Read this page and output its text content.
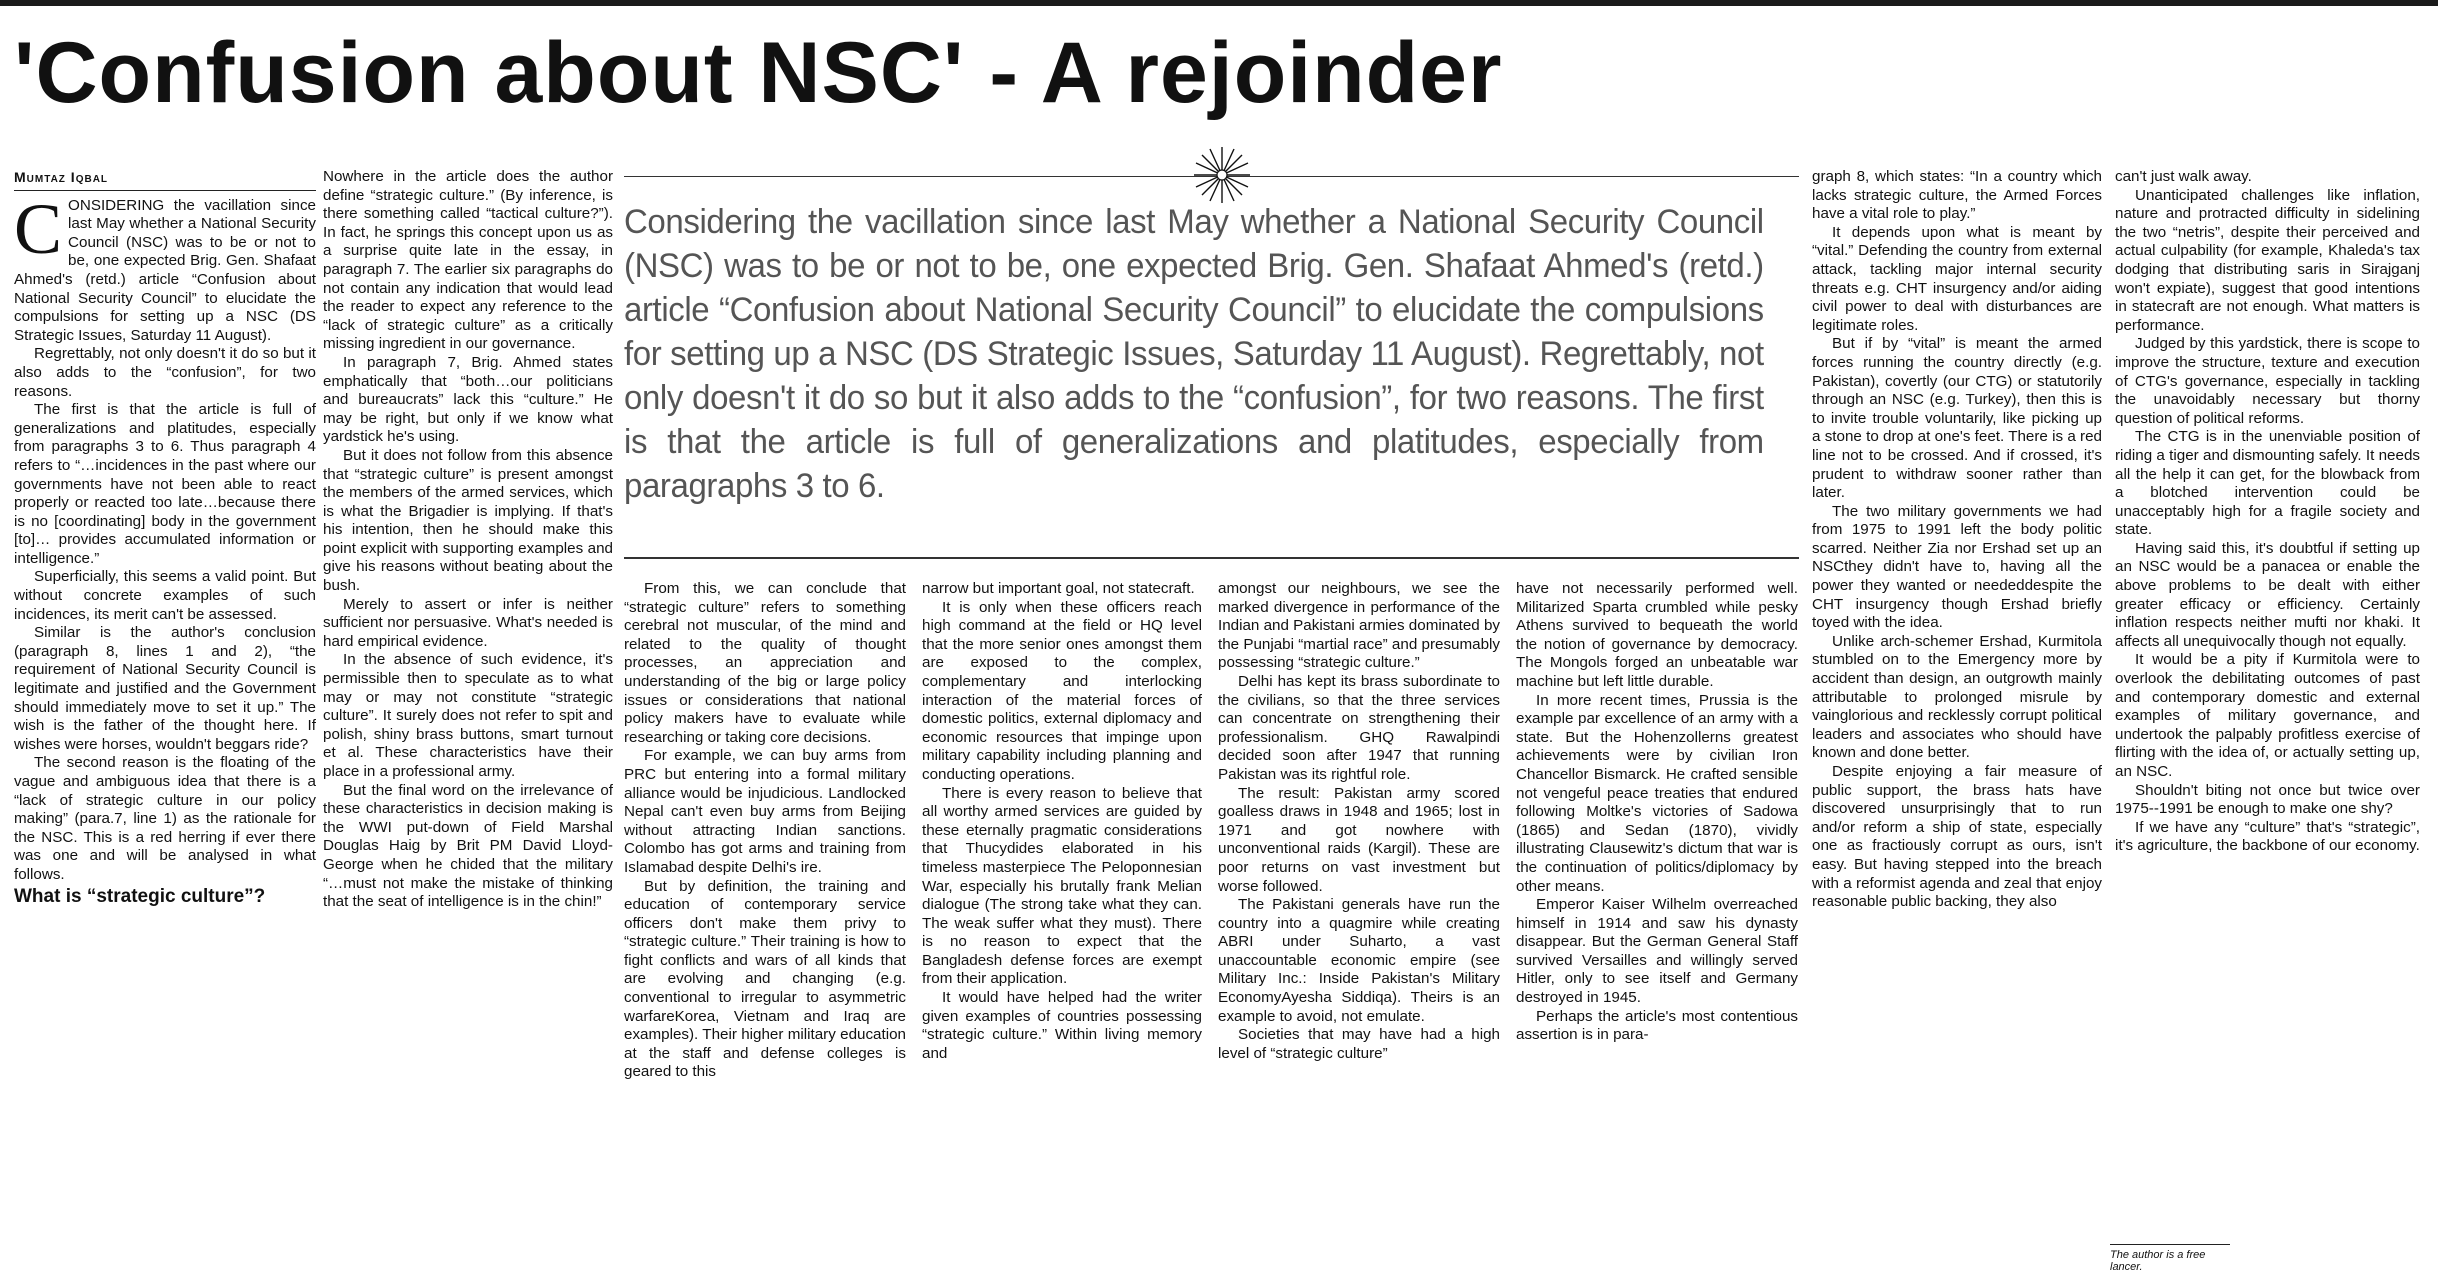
'Confusion about NSC' - A rejoinder
Mumtaz Iqbal

CONSIDERING the vacillation since last May whether a National Security Council (NSC) was to be or not to be, one expected Brig. Gen. Shafaat Ahmed's (retd.) article “Confusion about National Security Council” to elucidate the compulsions for setting up a NSC (DS Strategic Issues, Saturday 11 August).

Regrettably, not only doesn't it do so but it also adds to the “confusion”, for two reasons.

The first is that the article is full of generalizations and platitudes, especially from paragraphs 3 to 6. Thus paragraph 4 refers to “…incidences in the past where our governments have not been able to react properly or reacted too late…because there is no [coordinating] body in the government [to]… provides accumulated information or intelligence.”

Superficially, this seems a valid point. But without concrete examples of such incidences, its merit can't be assessed.

Similar is the author's conclusion (paragraph 8, lines 1 and 2), “the requirement of National Security Council is legitimate and justified and the Government should immediately move to set it up.” The wish is the father of the thought here. If wishes were horses, wouldn't beggars ride?

The second reason is the floating of the vague and ambiguous idea that there is a “lack of strategic culture in our policy making” (para.7, line 1) as the rationale for the NSC. This is a red herring if ever there was one and will be analysed in what follows.

What is “strategic culture”?

Nowhere in the article does the author define “strategic culture.” (By inference, is there something called “tactical culture?”). In fact, he springs this concept upon us as a surprise quite late in the essay, in paragraph 7. The earlier six paragraphs do not contain any indication that would lead the reader to expect any reference to the “lack of strategic culture” as a critically missing ingredient in our governance.

In paragraph 7, Brig. Ahmed states emphatically that “both…our politicians and bureaucrats” lack this “culture.” He may be right, but only if we know what yardstick he's using.

But it does not follow from this absence that “strategic culture” is present amongst the members of the armed services, which is what the Brigadier is implying. If that's his intention, then he should make this point explicit with supporting examples and give his reasons without beating about the bush.

Merely to assert or infer is neither sufficient nor persuasive. What's needed is hard empirical evidence.

In the absence of such evidence, it's permissible then to speculate as to what may or may not constitute “strategic culture”. It surely does not refer to spit and polish, shiny brass buttons, smart turnout et al. These characteristics have their place in a professional army.

But the final word on the irrelevance of these characteristics in decision making is the WWI put-down of Field Marshal Douglas Haig by Brit PM David Lloyd-George when he chided that the military “…must not make the mistake of thinking that the seat of intelligence is in the chin!”

Considering the vacillation since last May whether a National Security Council (NSC) was to be or not to be, one expected Brig. Gen. Shafaat Ahmed's (retd.) article “Confusion about National Security Council” to elucidate the compulsions for setting up a NSC (DS Strategic Issues, Saturday 11 August). Regrettably, not only doesn't it do so but it also adds to the “confusion”, for two reasons. The first is that the article is full of generalizations and platitudes, especially from paragraphs 3 to 6.

From this, we can conclude that “strategic culture” refers to something cerebral not muscular, of the mind and related to the quality of thought processes, an appreciation and understanding of the big or large policy issues or considerations that national policy makers have to evaluate while researching or taking core decisions.

For example, we can buy arms from PRC but entering into a formal military alliance would be injudicious. Landlocked Nepal can't even buy arms from Beijing without attracting Indian sanctions. Colombo has got arms and training from Islamabad despite Delhi's ire.

But by definition, the training and education of contemporary service officers don't make them privy to “strategic culture.” Their training is how to fight conflicts and wars of all kinds that are evolving and changing (e.g. conventional to irregular to asymmetric warfareKorea, Vietnam and Iraq are examples). Their higher military education at the staff and defense colleges is geared to this

narrow but important goal, not statecraft.

It is only when these officers reach high command at the field or HQ level that the more senior ones amongst them are exposed to the complex, complementary and interlocking interaction of the material forces of domestic politics, external diplomacy and economic resources that impinge upon military capability including planning and conducting operations.

There is every reason to believe that all worthy armed services are guided by these eternally pragmatic considerations that Thucydides elaborated in his timeless masterpiece The Peloponnesian War, especially his brutally frank Melian dialogue (The strong take what they can. The weak suffer what they must). There is no reason to expect that the Bangladesh defense forces are exempt from their application.

It would have helped had the writer given examples of countries possessing “strategic culture.” Within living memory and

amongst our neighbours, we see the marked divergence in performance of the Indian and Pakistani armies dominated by the Punjabi “martial race” and presumably possessing “strategic culture.”

Delhi has kept its brass subordinate to the civilians, so that the three services can concentrate on strengthening their professionalism. GHQ Rawalpindi decided soon after 1947 that running Pakistan was its rightful role.

The result: Pakistan army scored goalless draws in 1948 and 1965; lost in 1971 and got nowhere with unconventional raids (Kargil). These are poor returns on vast investment but worse followed.

The Pakistani generals have run the country into a quagmire while creating ABRI under Suharto, a vast unaccountable economic empire (see Military Inc.: Inside Pakistan's Military EconomyAyesha Siddiqa). Theirs is an example to avoid, not emulate.

Societies that may have had a high level of “strategic culture”

have not necessarily performed well. Militarized Sparta crumbled while pesky Athens survived to bequeath the world the notion of governance by democracy. The Mongols forged an unbeatable war machine but left little durable.

In more recent times, Prussia is the example par excellence of an army with a state. But the Hohenzollerns greatest achievements were by civilian Iron Chancellor Bismarck. He crafted sensible not vengeful peace treaties that endured following Moltke's victories of Sadowa (1865) and Sedan (1870), vividly illustrating Clausewitz's dictum that war is the continuation of politics/diplomacy by other means.

Emperor Kaiser Wilhelm overreached himself in 1914 and saw his dynasty disappear. But the German General Staff survived Versailles and willingly served Hitler, only to see itself and Germany destroyed in 1945.

Perhaps the article's most contentious assertion is in para-

graph 8, which states: “In a country which lacks strategic culture, the Armed Forces have a vital role to play.”

It depends upon what is meant by “vital.” Defending the country from external attack, tackling major internal security threats e.g. CHT insurgency and/or aiding civil power to deal with disturbances are legitimate roles.

But if by “vital” is meant the armed forces running the country directly (e.g. Pakistan), covertly (our CTG) or statutorily through an NSC (e.g. Turkey), then this is to invite trouble voluntarily, like picking up a stone to drop at one's feet. There is a red line not to be crossed. And if crossed, it's prudent to withdraw sooner rather than later.

The two military governments we had from 1975 to 1991 left the body politic scarred. Neither Zia nor Ershad set up an NSCthey didn't have to, having all the power they wanted or neededdespite the CHT insurgency though Ershad briefly toyed with the idea.

Unlike arch-schemer Ershad, Kurmitola stumbled on to the Emergency more by accident than design, an outgrowth mainly attributable to prolonged misrule by vainglorious and recklessly corrupt political leaders and associates who should have known and done better.

Despite enjoying a fair measure of public support, the brass hats have discovered unsurprisingly that to run and/or reform a ship of state, especially one as fractiously corrupt as ours, isn't easy. But having stepped into the breach with a reformist agenda and zeal that enjoy reasonable public backing, they also

can't just walk away.

Unanticipated challenges like inflation, nature and protracted difficulty in sidelining the two “netris”, despite their perceived and actual culpability (for example, Khaleda's tax dodging that distributing saris in Sirajganj won't expiate), suggest that good intentions in statecraft are not enough. What matters is performance.

Judged by this yardstick, there is scope to improve the structure, texture and execution of CTG's governance, especially in tackling the unavoidably necessary but thorny question of political reforms.

The CTG is in the unenviable position of riding a tiger and dismounting safely. It needs all the help it can get, for the blowback from a blotched intervention could be unacceptably high for a fragile society and state.

Having said this, it's doubtful if setting up an NSC would be a panacea or enable the above problems to be dealt with either greater efficacy or efficiency. Certainly inflation respects neither mufti nor khaki. It affects all unequivocally though not equally.

It would be a pity if Kurmitola were to overlook the debilitating outcomes of past and contemporary domestic and external examples of military governance, and undertook the palpably profitless exercise of flirting with the idea of, or actually setting up, an NSC.

Shouldn't biting not once but twice over 1975--1991 be enough to make one shy?

If we have any “culture” that's “strategic”, it's agriculture, the backbone of our economy.

The author is a free lancer.
